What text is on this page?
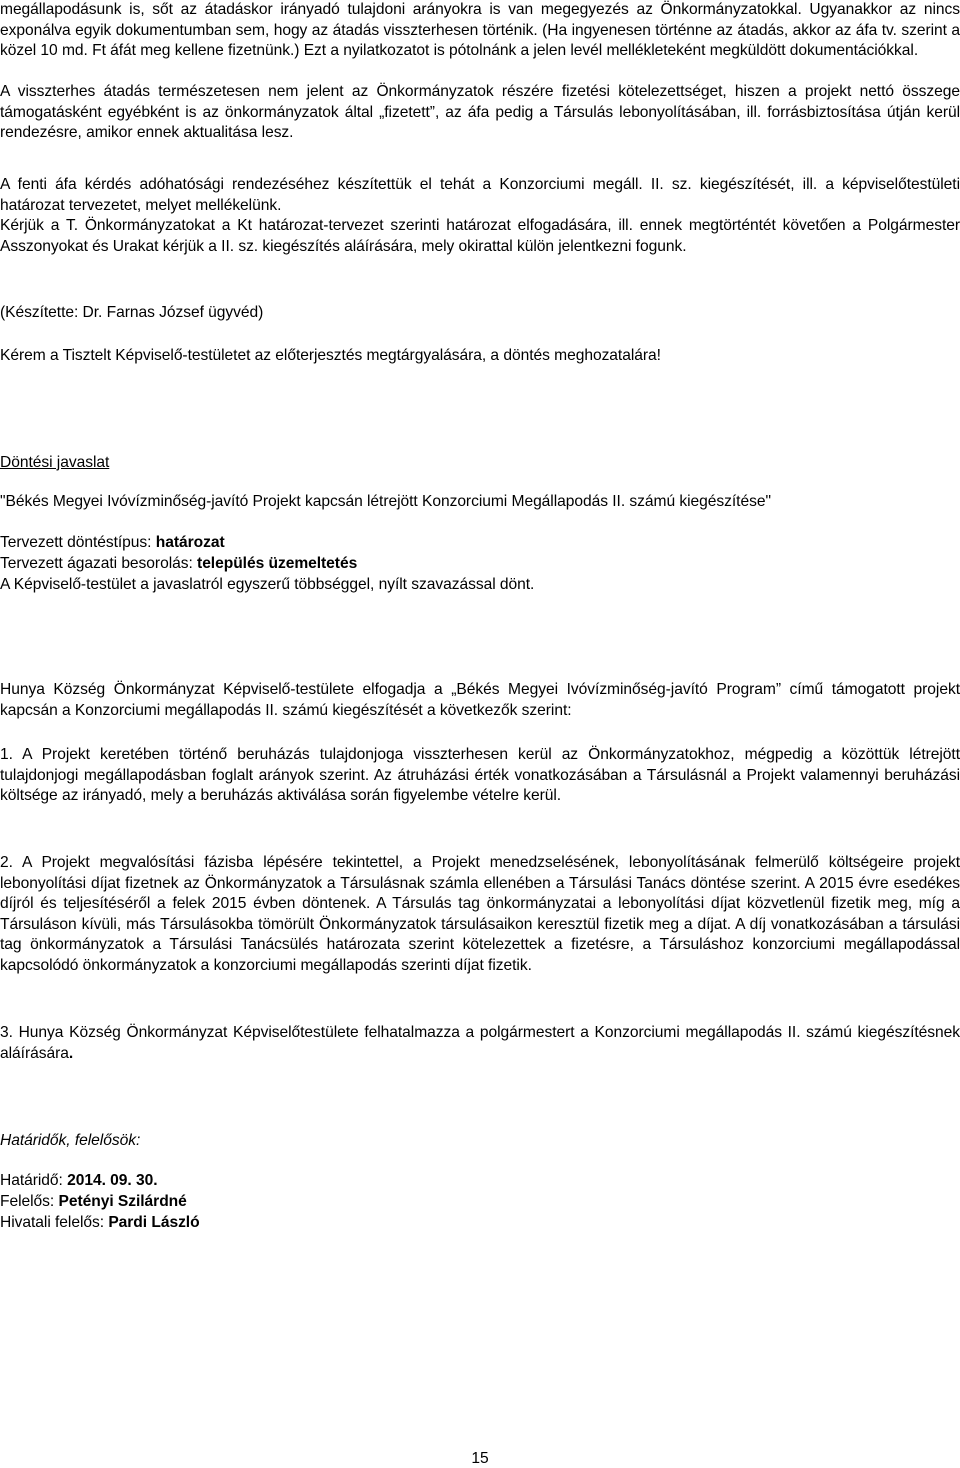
megállapodásunk is, sőt az átadáskor irányadó tulajdoni arányokra is van megegyezés az Önkormányzatokkal. Ugyanakkor az nincs exponálva egyik dokumentumban sem, hogy az átadás visszterhesen történik. (Ha ingyenesen történne az átadás, akkor az áfa tv. szerint a közel 10 md. Ft áfát meg kellene fizetnünk.) Ezt a nyilatkozatot is pótolnánk a jelen levél mellékleteként megküldött dokumentációkkal.

A visszterhes átadás természetesen nem jelent az Önkormányzatok részére fizetési kötelezettséget, hiszen a projekt nettó összege támogatásként egyébként is az önkormányzatok által „fizetett”, az áfa pedig a Társulás lebonyolításában, ill. forrásbiztosítása útján kerül rendezésre, amikor ennek aktualitása lesz.

A fenti áfa kérdés adóhatósági rendezéséhez készítettük el tehát a Konzorciumi megáll. II. sz. kiegészítését, ill. a képviselőtestületi határozat tervezetet, melyet mellékelünk.

Kérjük a T. Önkormányzatokat a Kt határozat-tervezet szerinti határozat elfogadására, ill. ennek megtörténtét követően a Polgármester Asszonyokat és Urakat kérjük a II. sz. kiegészítés aláírására, mely okirattal külön jelentkezni fogunk.

(Készítette: Dr. Farnas József ügyvéd)

Kérem a Tisztelt Képviselő-testületet az előterjesztés megtárgyalására, a döntés meghozatalára!

Döntési javaslat

"Békés Megyei Ivóvízminőség-javító Projekt kapcsán létrejött Konzorciumi Megállapodás II. számú kiegészítése"

Tervezett döntéstípus: határozat

Tervezett ágazati besorolás: település üzemeltetés

A Képviselő-testület a javaslatról egyszerű többséggel, nyílt szavazással dönt.

Hunya Község Önkormányzat Képviselő-testülete elfogadja a „Békés Megyei Ivóvízminőség-javító Program” című támogatott projekt kapcsán a Konzorciumi megállapodás II. számú kiegészítését a következők szerint:

1. A Projekt keretében történő beruházás tulajdonjoga visszterhesen kerül az Önkormányzatokhoz, mégpedig a közöttük létrejött tulajdonjogi megállapodásban foglalt arányok szerint. Az átruházási érték vonatkozásában a Társulásnál a Projekt valamennyi beruházási költsége az irányadó, mely a beruházás aktiválása során figyelembe vételre kerül.

2. A Projekt megvalósítási fázisba lépésére tekintettel, a Projekt menedzselésének, lebonyolításának felmerülő költségeire projekt lebonyolítási díjat fizetnek az Önkormányzatok a Társulásnak számla ellenében a Társulási Tanács döntése szerint. A 2015 évre esedékes díjról és teljesítéséről a felek 2015 évben döntenek. A Társulás tag önkormányzatai a lebonyolítási díjat közvetlenül fizetik meg, míg a Társuláson kívüli, más Társulásokba tömörült Önkormányzatok társulásaikon keresztül fizetik meg a díjat. A díj vonatkozásában a társulási tag önkormányzatok a Társulási Tanácsülés határozata szerint kötelezettek a fizetésre, a Társuláshoz konzorciumi megállapodással kapcsolódó önkormányzatok a konzorciumi megállapodás szerinti díjat fizetik.

3. Hunya Község Önkormányzat Képviselőtestülete felhatalmazza a polgármestert a Konzorciumi megállapodás II. számú kiegészítésnek aláírására.

Határidők, felelősök:

Határidő: 2014. 09. 30.

Felelős: Petényi Szilárdné

Hivatali felelős: Pardi László

15
